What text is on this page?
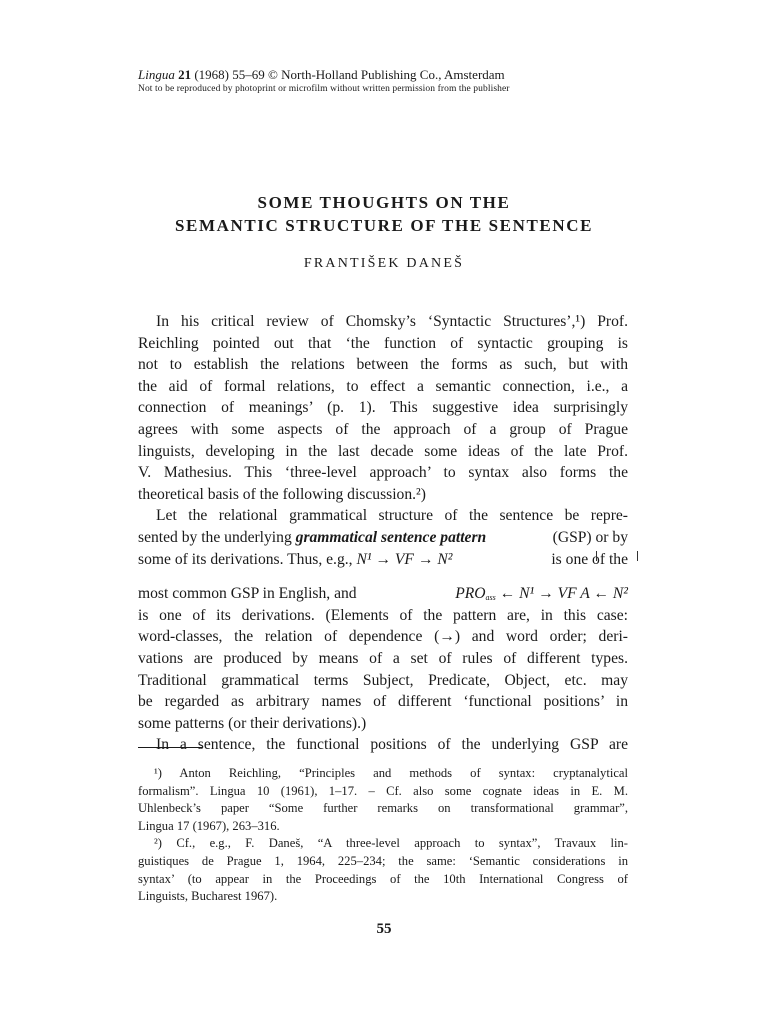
Lingua 21 (1968) 55–69 © North-Holland Publishing Co., Amsterdam
Not to be reproduced by photoprint or microfilm without written permission from the publisher
SOME THOUGHTS ON THE
SEMANTIC STRUCTURE OF THE SENTENCE
FRANTIŠEK DANEŠ
In his critical review of Chomsky’s ‘Syntactic Structures’,¹) Prof.
Reichling pointed out that ‘the function of syntactic grouping is
not to establish the relations between the forms as such, but with
the aid of formal relations, to effect a semantic connection, i.e., a
connection of meanings’ (p. 1). This suggestive idea surprisingly
agrees with some aspects of the approach of a group of Prague
linguists, developing in the last decade some ideas of the late Prof.
V. Mathesius. This ‘three-level approach’ to syntax also forms the
theoretical basis of the following discussion.²)
Let the relational grammatical structure of the sentence be repre-
sented by the underlying grammatical sentence pattern	(GSP) or by
some of its derivations. Thus, e.g., N¹ → VF → N²	is one of the
most common GSP in English, and	$PRO_{ass}$ ← N¹ → VF A ← N²
is one of its derivations. (Elements of the pattern are, in this case:
word-classes, the relation of dependence (→) and word order; deri-
vations are produced by means of a set of rules of different types.
Traditional grammatical terms Subject, Predicate, Object, etc. may
be regarded as arbitrary names of different ‘functional positions’ in
some patterns (or their derivations).)
In a sentence, the functional positions of the underlying GSP are
¹) Anton Reichling, “Principles and methods of syntax: cryptanalytical
formalism”. Lingua 10 (1961), 1–17. – Cf. also some cognate ideas in E. M.
Uhlenbeck’s paper “Some further remarks on transformational grammar”,
Lingua 17 (1967), 263–316.
²) Cf., e.g., F. Daneš, “A three-level approach to syntax”, Travaux lin-
guistiques de Prague 1, 1964, 225–234; the same: ‘Semantic considerations in
syntax’ (to appear in the Proceedings of the 10th International Congress of
Linguists, Bucharest 1967).
55
